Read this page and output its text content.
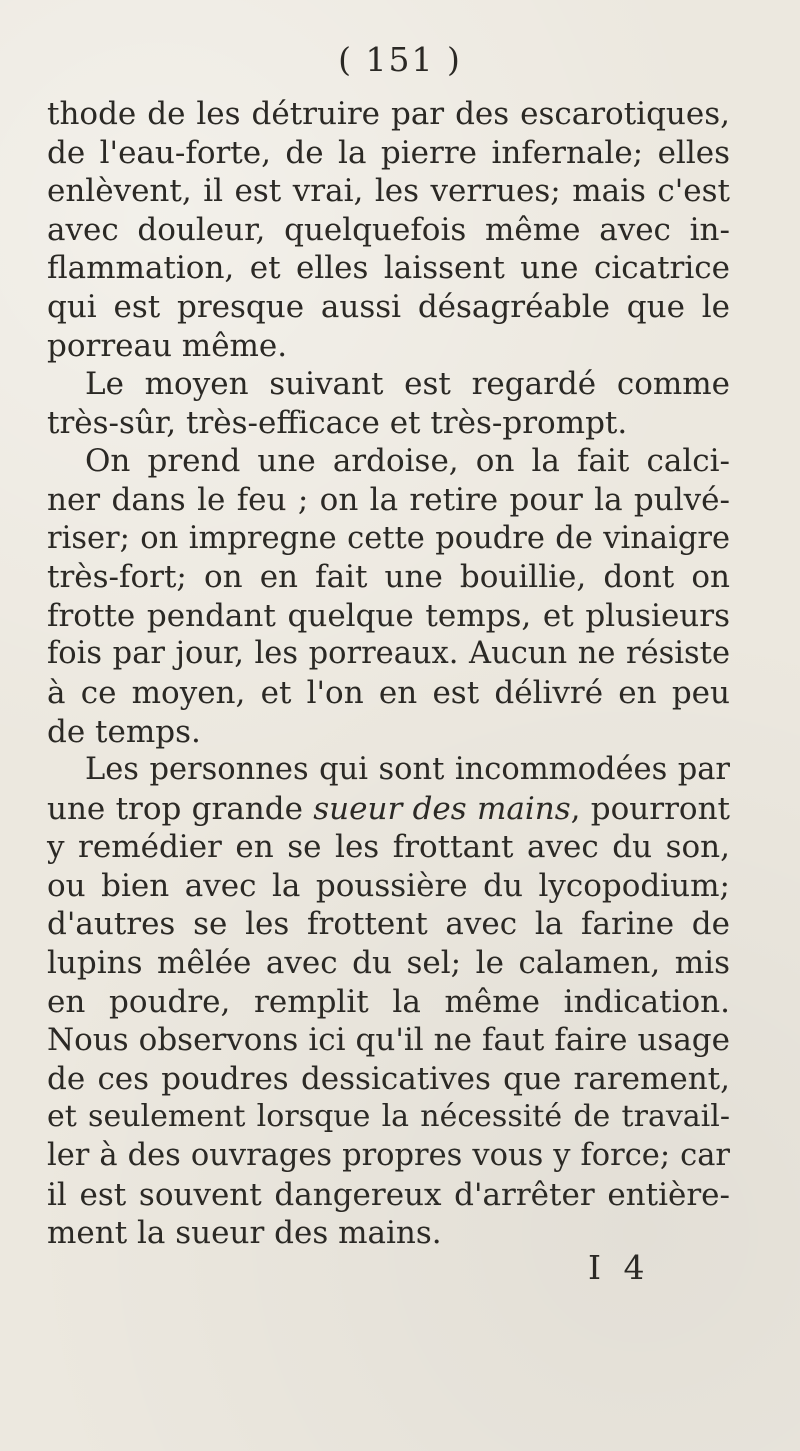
( 151 )
thode de les détruire par des escarotiques,
de l'eau-forte, de la pierre infernale; elles
enlèvent, il est vrai, les verrues; mais c'est
avec douleur, quelquefois même avec in-
flammation, et elles laissent une cicatrice
qui est presque aussi désagréable que le
porreau même.
Le moyen suivant est regardé comme
très-sûr, très-efficace et très-prompt.
On prend une ardoise, on la fait calci-
ner dans le feu ; on la retire pour la pulvé-
riser; on impregne cette poudre de vinaigre
très-fort; on en fait une bouillie, dont on
frotte pendant quelque temps, et plusieurs
fois par jour, les porreaux. Aucun ne résiste
à ce moyen, et l'on en est délivré en peu
de temps.
Les personnes qui sont incommodées par
une trop grande sueur des mains, pourront
y remédier en se les frottant avec du son,
ou bien avec la poussière du lycopodium;
d'autres se les frottent avec la farine de
lupins mêlée avec du sel; le calamen, mis
en poudre, remplit la même indication.
Nous observons ici qu'il ne faut faire usage
de ces poudres dessicatives que rarement,
et seulement lorsque la nécessité de travail-
ler à des ouvrages propres vous y force; car
il est souvent dangereux d'arrêter entière-
ment la sueur des mains.
I 4
